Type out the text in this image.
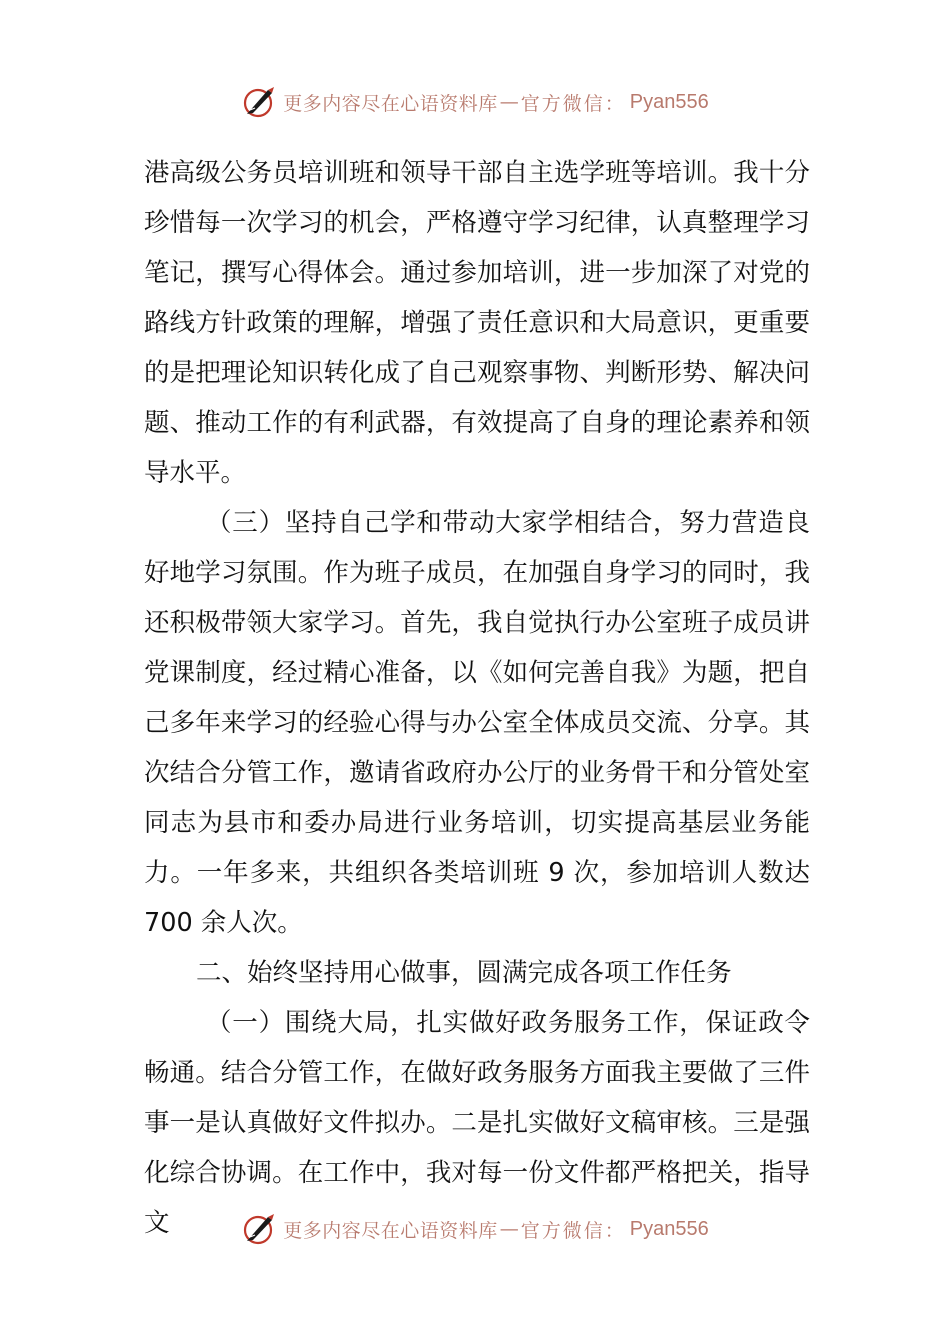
更多内容尽在心语资料库 — 官方微信： Pyan556

港高级公务员培训班和领导干部自主选学班等培训。我十分珍惜每一次学习的机会，严格遵守学习纪律，认真整理学习笔记，撰写心得体会。通过参加培训，进一步加深了对党的路线方针政策的理解，增强了责任意识和大局意识，更重要的是把理论知识转化成了自己观察事物、判断形势、解决问题、推动工作的有利武器，有效提高了自身的理论素养和领导水平。

（三）坚持自己学和带动大家学相结合，努力营造良好地学习氛围。作为班子成员，在加强自身学习的同时，我还积极带领大家学习。首先，我自觉执行办公室班子成员讲党课制度，经过精心准备，以《如何完善自我》为题，把自己多年来学习的经验心得与办公室全体成员交流、分享。其次结合分管工作，邀请省政府办公厅的业务骨干和分管处室同志为县市和委办局进行业务培训，切实提高基层业务能力。一年多来，共组织各类培训班 9 次，参加培训人数达 700 余人次。

二、始终坚持用心做事，圆满完成各项工作任务

（一）围绕大局，扎实做好政务服务工作，保证政令畅通。结合分管工作，在做好政务服务方面我主要做了三件事一是认真做好文件拟办。二是扎实做好文稿审核。三是强化综合协调。在工作中，我对每一份文件都严格把关，指导文	更多内容尽在心语资料库 — 官方微信： Pyan556
